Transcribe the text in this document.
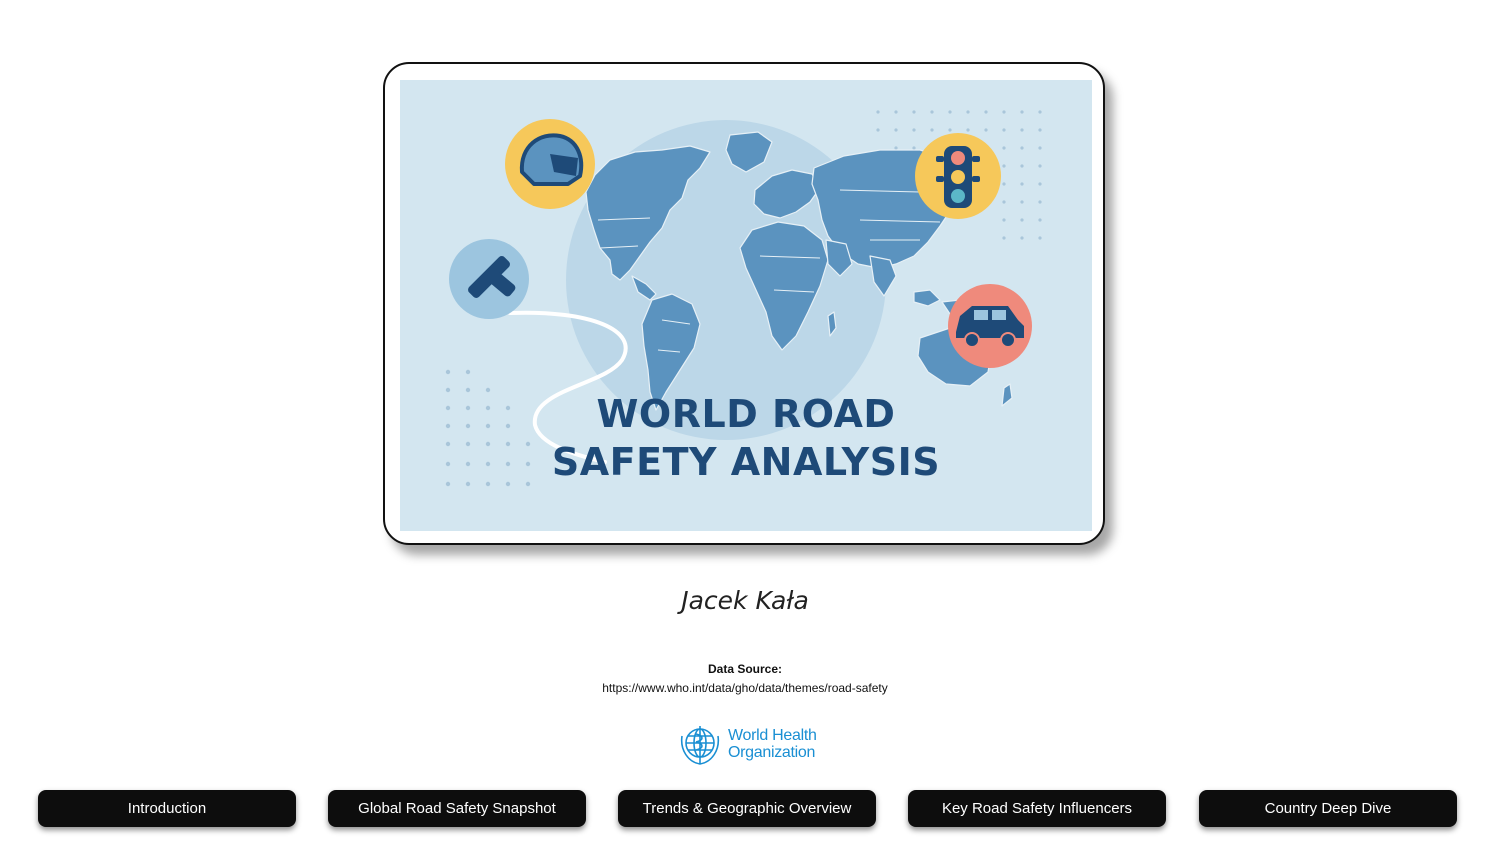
WORLD ROAD
SAFETY ANALYSIS
Jacek Kała
Data Source:
https://www.who.int/data/gho/data/themes/road-safety
World Health
Organization
Introduction	Global Road Safety Snapshot	Trends & Geographic Overview	Key Road Safety Influencers	Country Deep Dive
